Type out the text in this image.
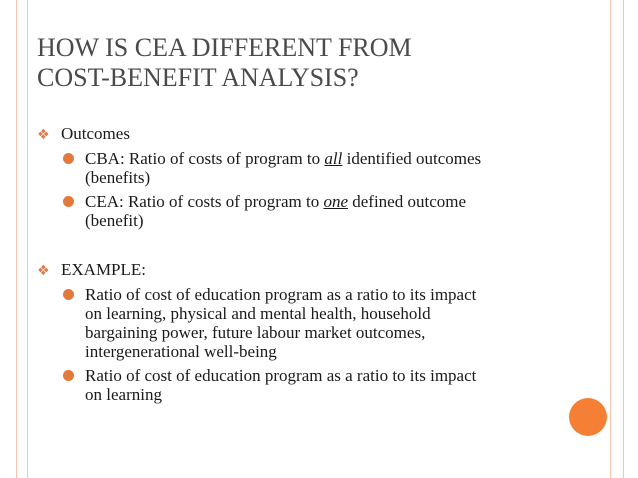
HOW IS CEA DIFFERENT FROM
COST-BENEFIT ANALYSIS?
❖ Outcomes
CBA: Ratio of costs of program to all identified outcomes
(benefits)
CEA: Ratio of costs of program to one defined outcome
(benefit)
❖ EXAMPLE:
Ratio of cost of education program as a ratio to its impact
on learning, physical and mental health, household
bargaining power, future labour market outcomes,
intergenerational well-being
Ratio of cost of education program as a ratio to its impact
on learning
